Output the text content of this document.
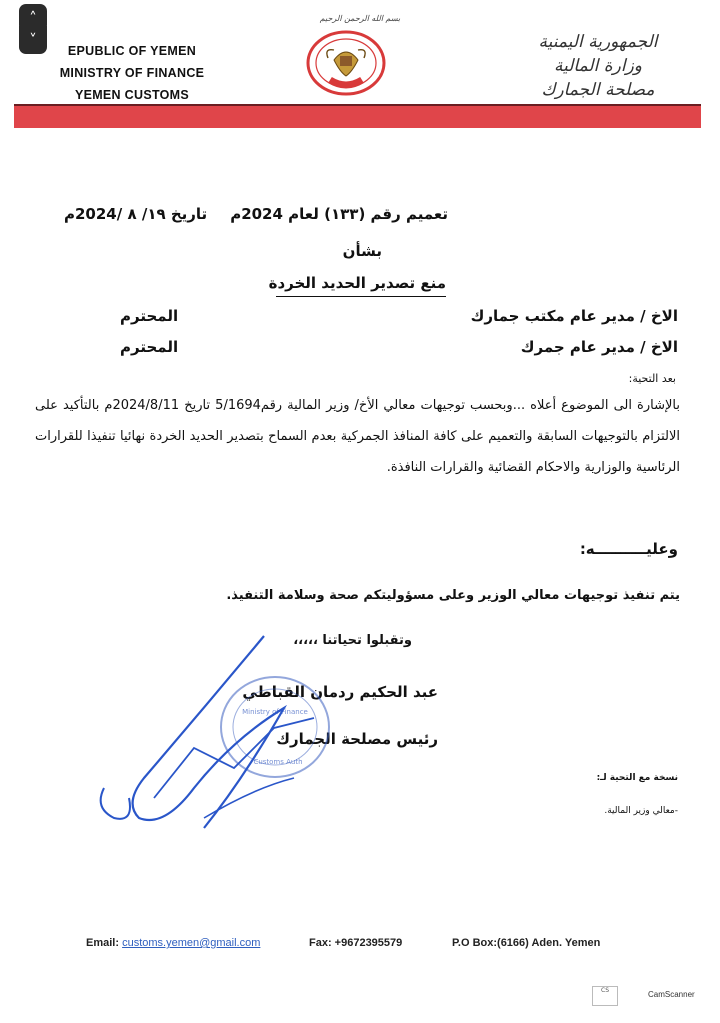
˄
˅
EPUBLIC OF YEMEN
MINISTRY OF FINANCE
YEMEN CUSTOMS
بسم الله الرحمن الرحيم
الجمهورية اليمنية
وزارة المالية
مصلحة الجمارك
تعميم رقم (١٣٣) لعام 2024م
تاريخ ١٩/ ٨ /2024م
بشأن
منع تصدير الحديد الخردة
الاخ / مدير عام مكتب جمارك
المحترم
الاخ / مدير عام جمرك
المحترم
بعد التحية:
بالإشارة الى الموضوع أعلاه ...وبحسب توجيهات معالي الأخ/ وزير المالية رقم5/1694 تاريخ 2024/8/11م بالتأكيد على الالتزام بالتوجيهات السابقة والتعميم على كافة المنافذ الجمركية بعدم السماح بتصدير الحديد الخردة نهائيا تنفيذا للقرارات الرئاسية والوزارية والاحكام القضائية والقرارات النافذة.
وعليــــــــــه:
يتم تنفيذ توجيهات معالي الوزير وعلى مسؤوليتكم صحة وسلامة التنفيذ.
وتقبلوا تحياتنا ،،،،،
عبد الحكيم ردمان القباطي
رئيس مصلحة الجمارك
Ministry of Finance
Customs Auth
نسخة مع التحية لـ:
-معالي وزير المالية.
Email: customs.yemen@gmail.com	Fax: +9672395579	P.O Box:(6166) Aden. Yemen
CS	CamScanner
